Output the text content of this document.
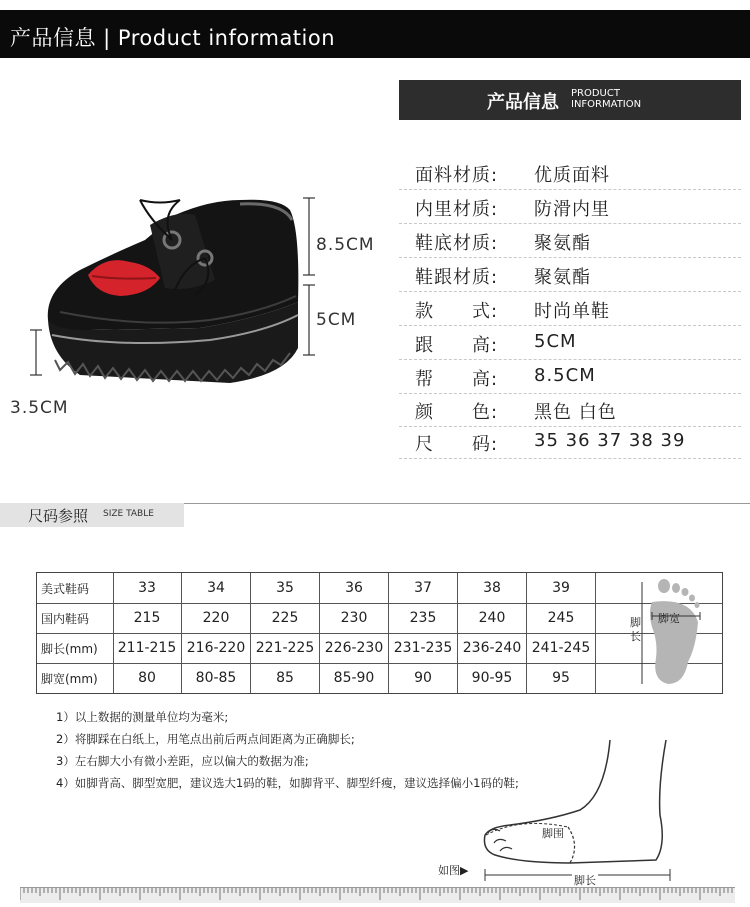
产品信息 | Product information
8.5CM
5CM
3.5CM
产品信息 PRODUCT
INFORMATION
面料材质: 优质面料
内里材质: 防滑内里
鞋底材质: 聚氨酯
鞋跟材质: 聚氨酯
款　　式: 时尚单鞋
跟　　高: 5CM
帮　　高: 8.5CM
颜　　色: 黑色 白色
尺　　码: 35 36 37 38 39
尺码参照 SIZE TABLE
美式鞋码	33	34	35	36	37	38	39
国内鞋码	215	220	225	230	235	240	245
脚长(mm)	211-215 216-220 221-225 226-230 231-235 236-240 241-245
脚宽(mm)	80	80-85	85	85-90	90	90-95	95
脚长
脚宽
1）以上数据的测量单位均为毫米;
2）将脚踩在白纸上，用笔点出前后两点间距离为正确脚长;
3）左右脚大小有微小差距，应以偏大的数据为准;
4）如脚背高、脚型宽肥，建议选大1码的鞋，如脚背平、脚型纤瘦，建议选择偏小1码的鞋;
脚围
脚长
如图▶
